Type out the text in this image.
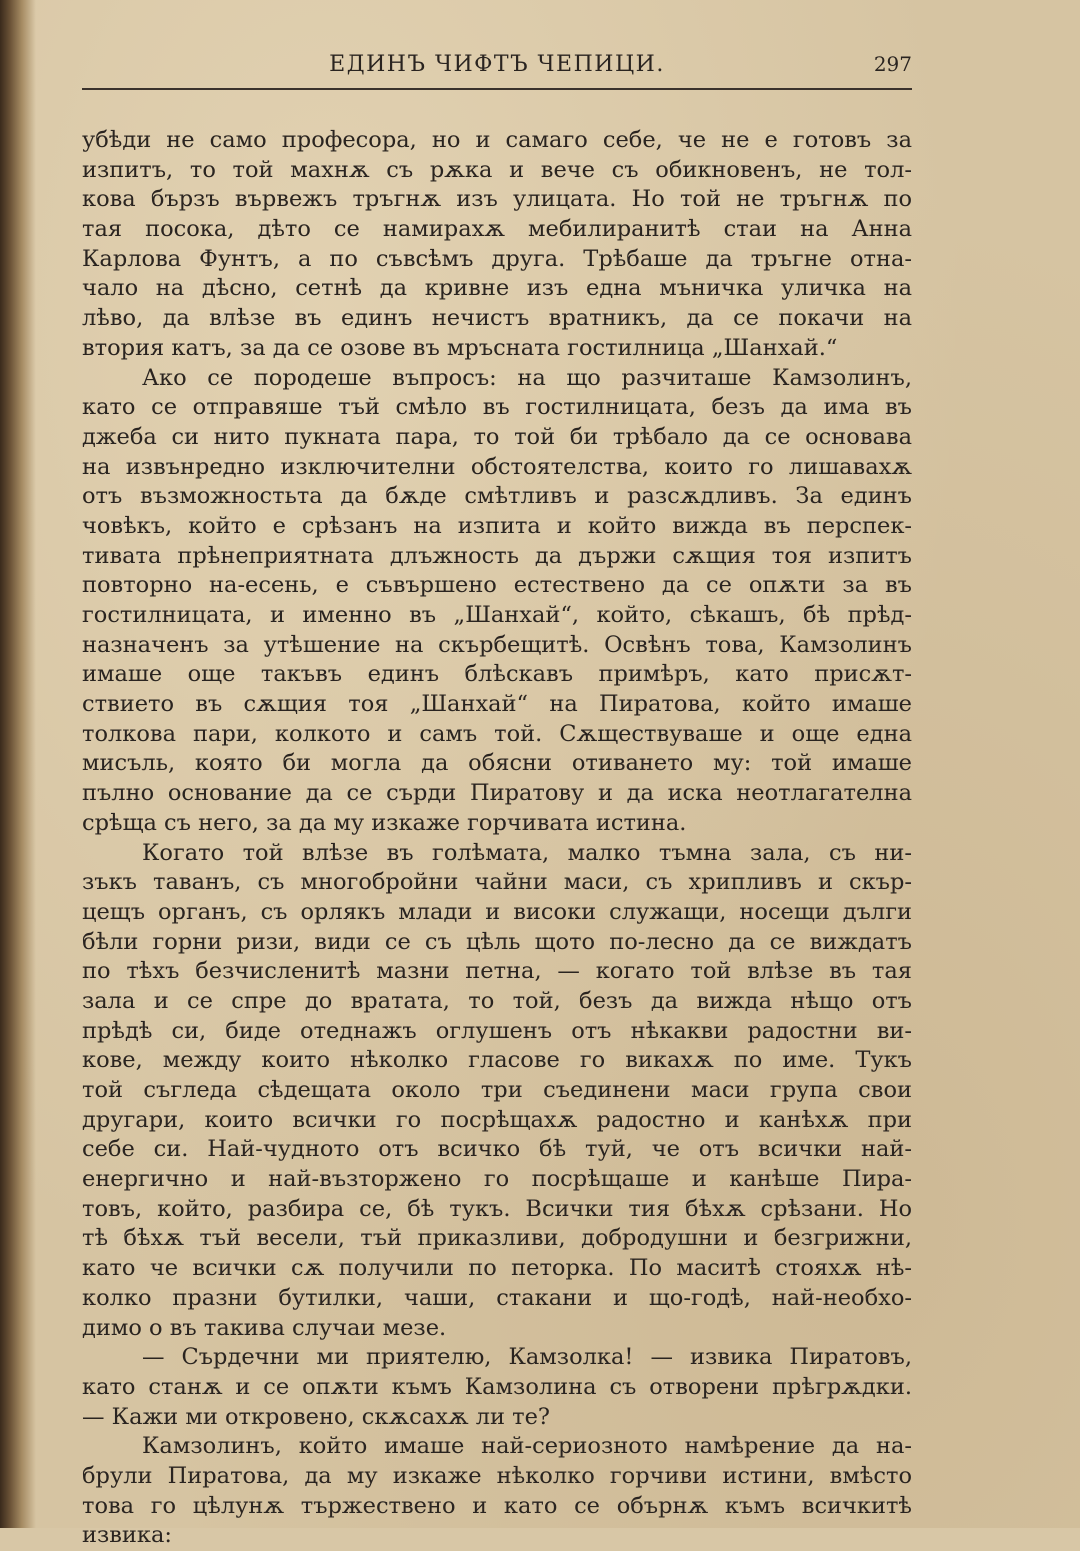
ЕДИНЪ ЧИФТЪ ЧЕПИЦИ.	297
убѣди не само професора, но и самаго себе, че не е готовъ за
изпитъ, то той махнѫ съ рѫка и вече съ обикновенъ, не тол-
кова бързъ вървежъ тръгнѫ изъ улицата. Но той не тръгнѫ по
тая посока, дѣто се намирахѫ мебилиранитѣ стаи на Анна
Карлова Фунтъ, а по съвсѣмъ друга. Трѣбаше да тръгне отна-
чало на дѣсно, сетнѣ да кривне изъ една мъничка уличка на
лѣво, да влѣзе въ единъ нечистъ вратникъ, да се покачи на
втория катъ, за да се озове въ мръсната гостилница „Шанхай.“
Ако се породеше въпросъ: на що разчиташе Камзолинъ,
като се отправяше тъй смѣло въ гостилницата, безъ да има въ
джеба си нито пукната пара, то той би трѣбало да се основава
на извънредно изключителни обстоятелства, които го лишавахѫ
отъ възможностьта да бѫде смѣтливъ и разсѫдливъ. За единъ
човѣкъ, който е срѣзанъ на изпита и който вижда въ перспек-
тивата прѣнеприятната длъжность да държи сѫщия тоя изпитъ
повторно на-есень, е съвършено естествено да се опѫти за въ
гостилницата, и именно въ „Шанхай“, който, сѣкашъ, бѣ прѣд-
назначенъ за утѣшение на скърбещитѣ. Освѣнъ това, Камзолинъ
имаше още такъвъ единъ блѣскавъ примѣръ, като присѫт-
ствието въ сѫщия тоя „Шанхай“ на Пиратова, който имаше
толкова пари, колкото и самъ той. Сѫществуваше и още една
мисъль, която би могла да обясни отиването му: той имаше
пълно основание да се сърди Пиратову и да иска неотлагателна
срѣща съ него, за да му изкаже горчивата истина.
Когато той влѣзе въ голѣмата, малко тъмна зала, съ ни-
зъкъ таванъ, съ многобройни чайни маси, съ хрипливъ и скър-
цещъ органъ, съ орлякъ млади и високи служащи, носещи дълги
бѣли горни ризи, види се съ цѣль щото по-лесно да се виждатъ
по тѣхъ безчисленитѣ мазни петна, — когато той влѣзе въ тая
зала и се спре до вратата, то той, безъ да вижда нѣщо отъ
прѣдѣ си, биде отеднажъ оглушенъ отъ нѣкакви радостни ви-
кове, между които нѣколко гласове го викахѫ по име. Тукъ
той съгледа сѣдещата около три съединени маси група свои
другари, които всички го посрѣщахѫ радостно и канѣхѫ при
себе си. Най-чудното отъ всичко бѣ туй, че отъ всички най-
енергично и най-възторжено го посрѣщаше и канѣше Пира-
товъ, който, разбира се, бѣ тукъ. Всички тия бѣхѫ срѣзани. Но
тѣ бѣхѫ тъй весели, тъй приказливи, добродушни и безгрижни,
като че всички сѫ получили по петорка. По маситѣ стояхѫ нѣ-
колко празни бутилки, чаши, стакани и що-годѣ, най-необхо-
димо о въ такива случаи мезе.
— Сърдечни ми приятелю, Камзолка! — извика Пиратовъ,
като станѫ и се опѫти къмъ Камзолина съ отворени прѣгрѫдки.
— Кажи ми откровено, скѫсахѫ ли те?
Камзолинъ, който имаше най-сериозното намѣрение да на-
брули Пиратова, да му изкаже нѣколко горчиви истини, вмѣсто
това го цѣлунѫ тържествено и като се обърнѫ къмъ всичкитѣ
извика:
